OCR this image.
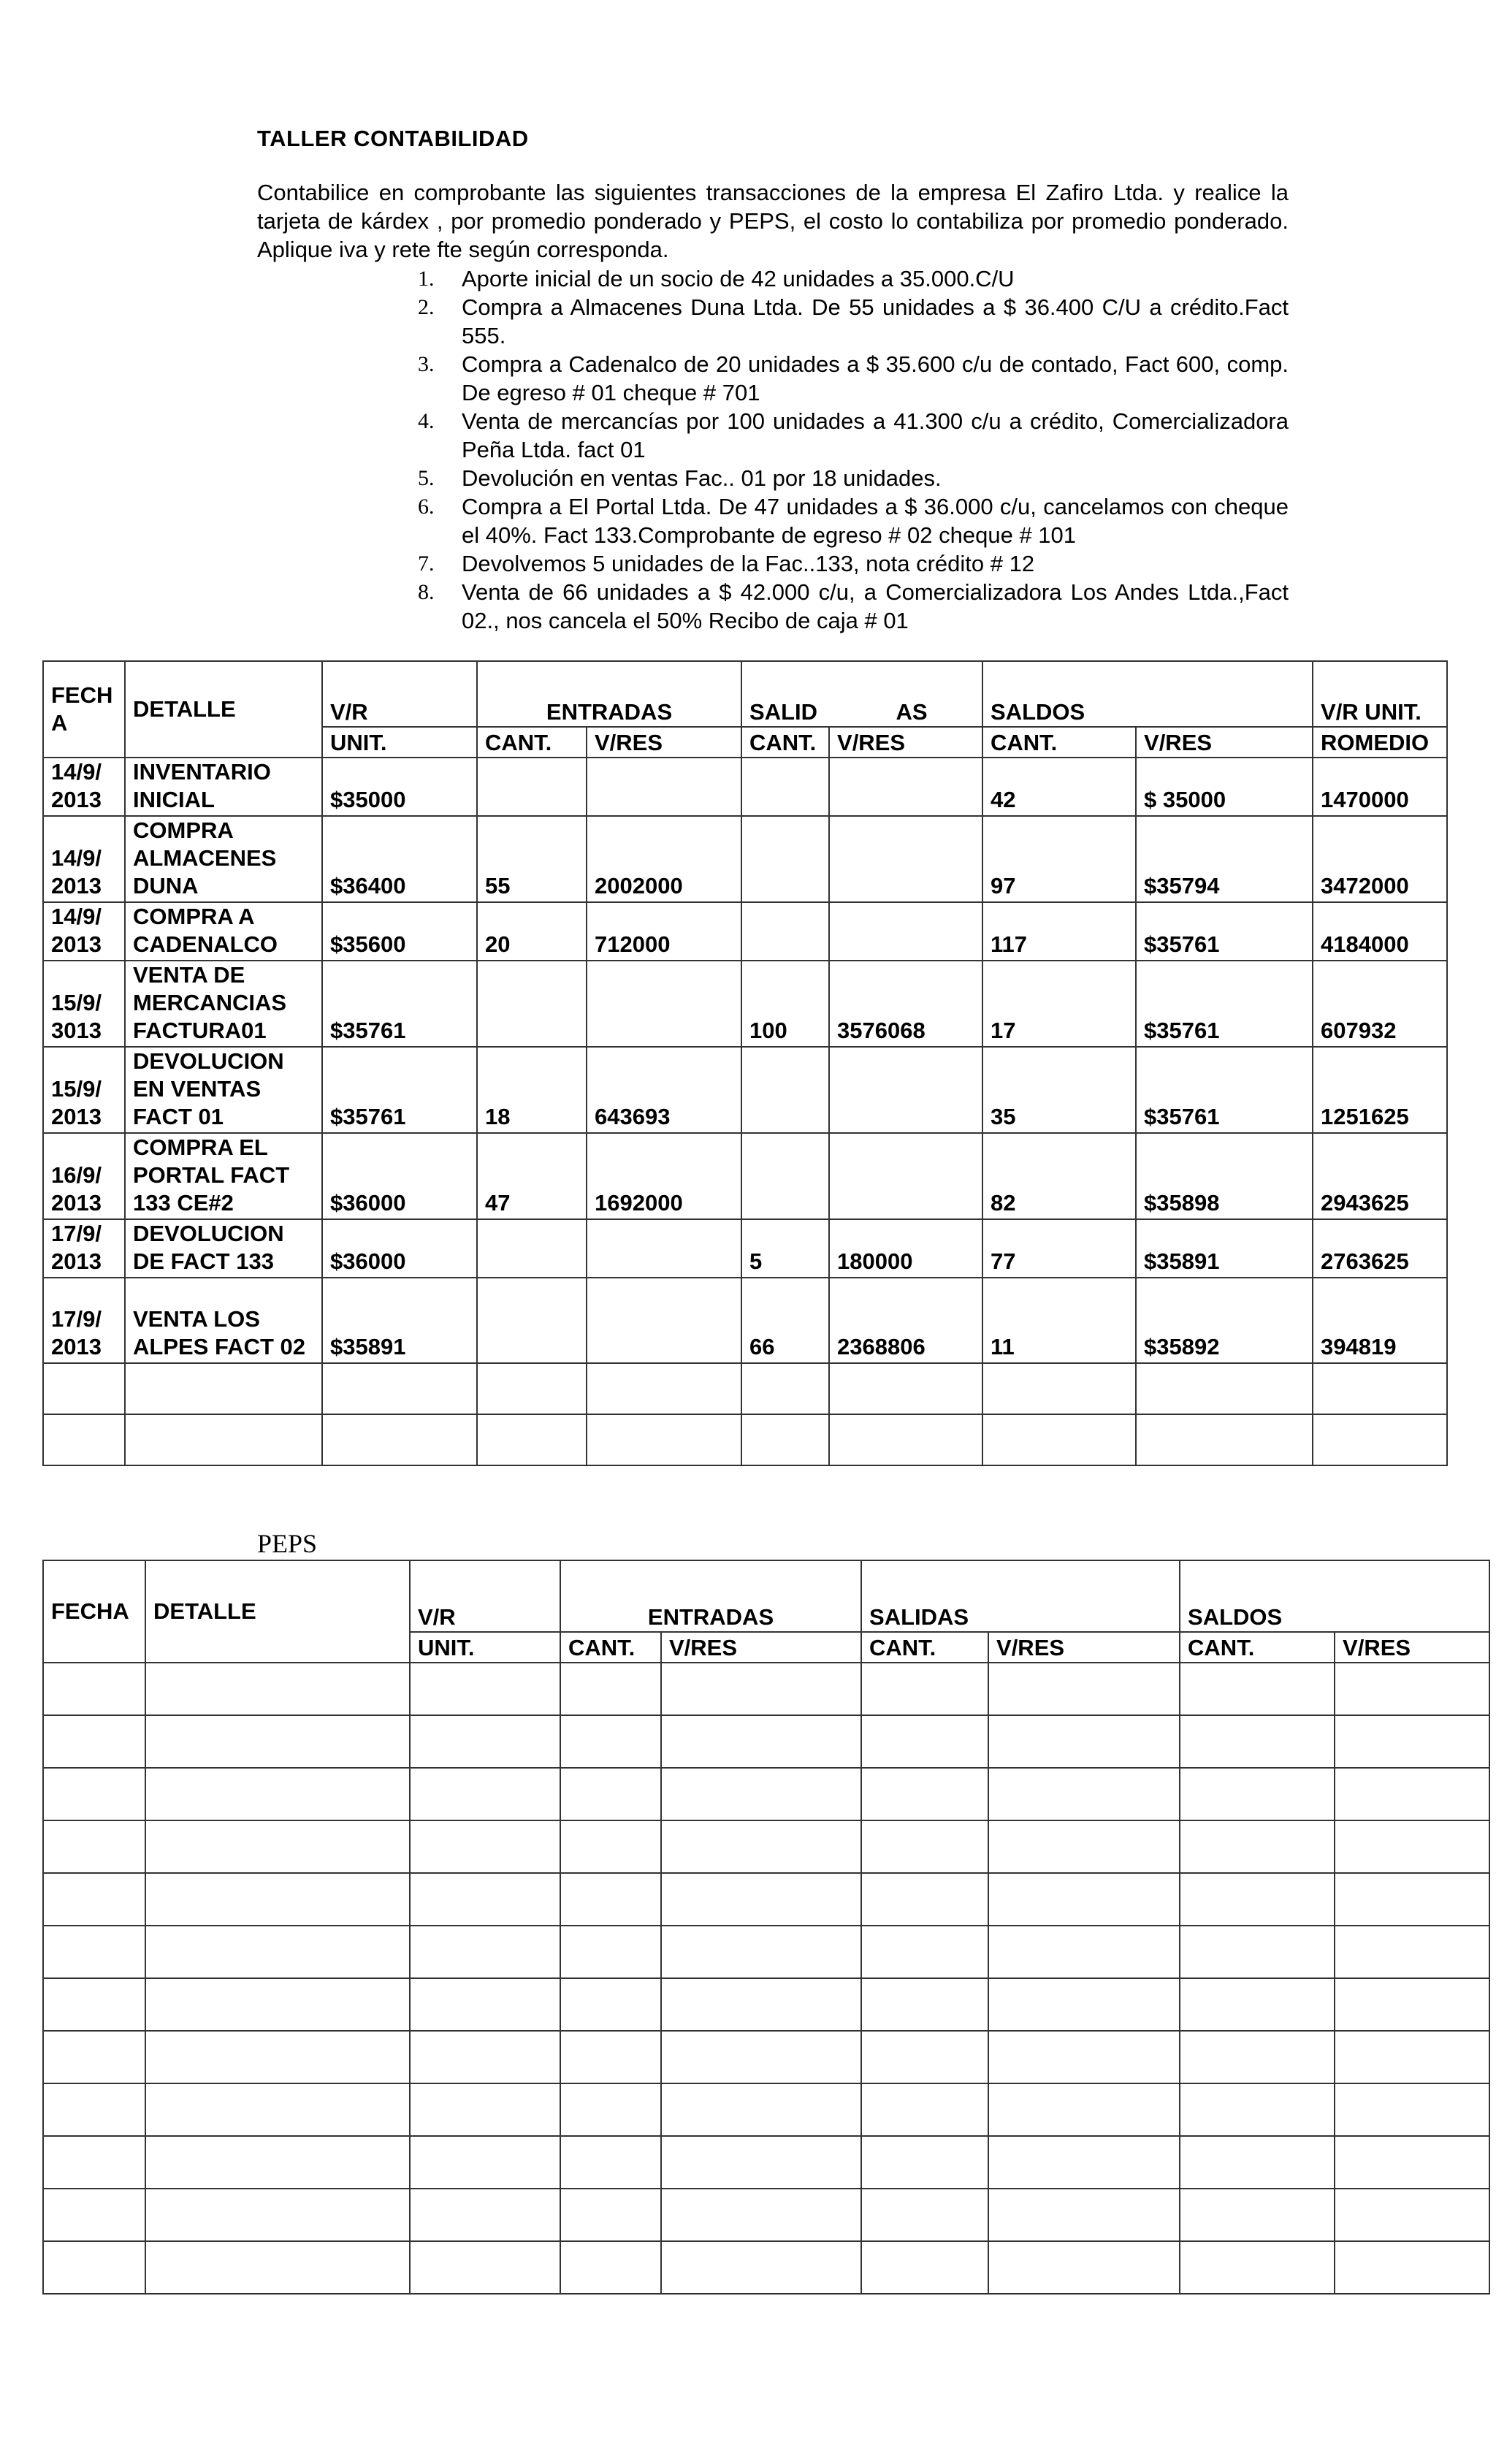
TALLER CONTABILIDAD
Contabilice en comprobante las siguientes transacciones de la empresa El Zafiro Ltda. y realice la tarjeta de kárdex , por promedio ponderado y PEPS, el costo lo contabiliza por promedio ponderado. Aplique iva y rete fte según corresponda.
1. Aporte inicial de un socio de 42 unidades a 35.000.C/U
2. Compra a Almacenes Duna Ltda. De 55 unidades a $ 36.400 C/U a crédito.Fact 555.
3. Compra a Cadenalco de 20 unidades a $ 35.600 c/u de contado, Fact 600, comp. De egreso # 01 cheque # 701
4. Venta de mercancías por 100 unidades a 41.300 c/u a crédito, Comercializadora Peña Ltda. fact 01
5. Devolución en ventas Fac.. 01 por 18 unidades.
6. Compra a El Portal Ltda. De 47 unidades a $ 36.000 c/u, cancelamos con cheque el 40%. Fact 133.Comprobante de egreso # 02 cheque # 101
7. Devolvemos 5 unidades de la Fac..133, nota crédito # 12
8. Venta de 66 unidades a $ 42.000 c/u, a Comercializadora Los Andes Ltda.,Fact 02., nos cancela el 50% Recibo de caja # 01
FECH A	DETALLE	V/R	ENTRADAS		SALID AS		SALDOS		V/R UNIT.
		UNIT.	CANT.	V/RES	CANT.	V/RES	CANT.	V/RES	ROMEDIO
14/9/ 2013	INVENTARIO INICIAL	$35000					42	$ 35000	1470000
14/9/ 2013	COMPRA ALMACENES DUNA	$36400	55	2002000			97	$35794	3472000
14/9/ 2013	COMPRA A CADENALCO	$35600	20	712000			117	$35761	4184000
15/9/ 3013	VENTA DE MERCANCIAS FACTURA01	$35761			100	3576068	17	$35761	607932
15/9/ 2013	DEVOLUCION EN VENTAS FACT 01	$35761	18	643693			35	$35761	1251625
16/9/ 2013	COMPRA EL PORTAL FACT 133 CE#2	$36000	47	1692000			82	$35898	2943625
17/9/ 2013	DEVOLUCION DE FACT 133	$36000			5	180000	77	$35891	2763625
17/9/ 2013	VENTA LOS ALPES FACT 02	$35891			66	2368806	11	$35892	394819

PEPS
FECHA	DETALLE	V/R	ENTRADAS		SALIDAS		SALDOS	
		UNIT.	CANT.	V/RES	CANT.	V/RES	CANT.	V/RES
